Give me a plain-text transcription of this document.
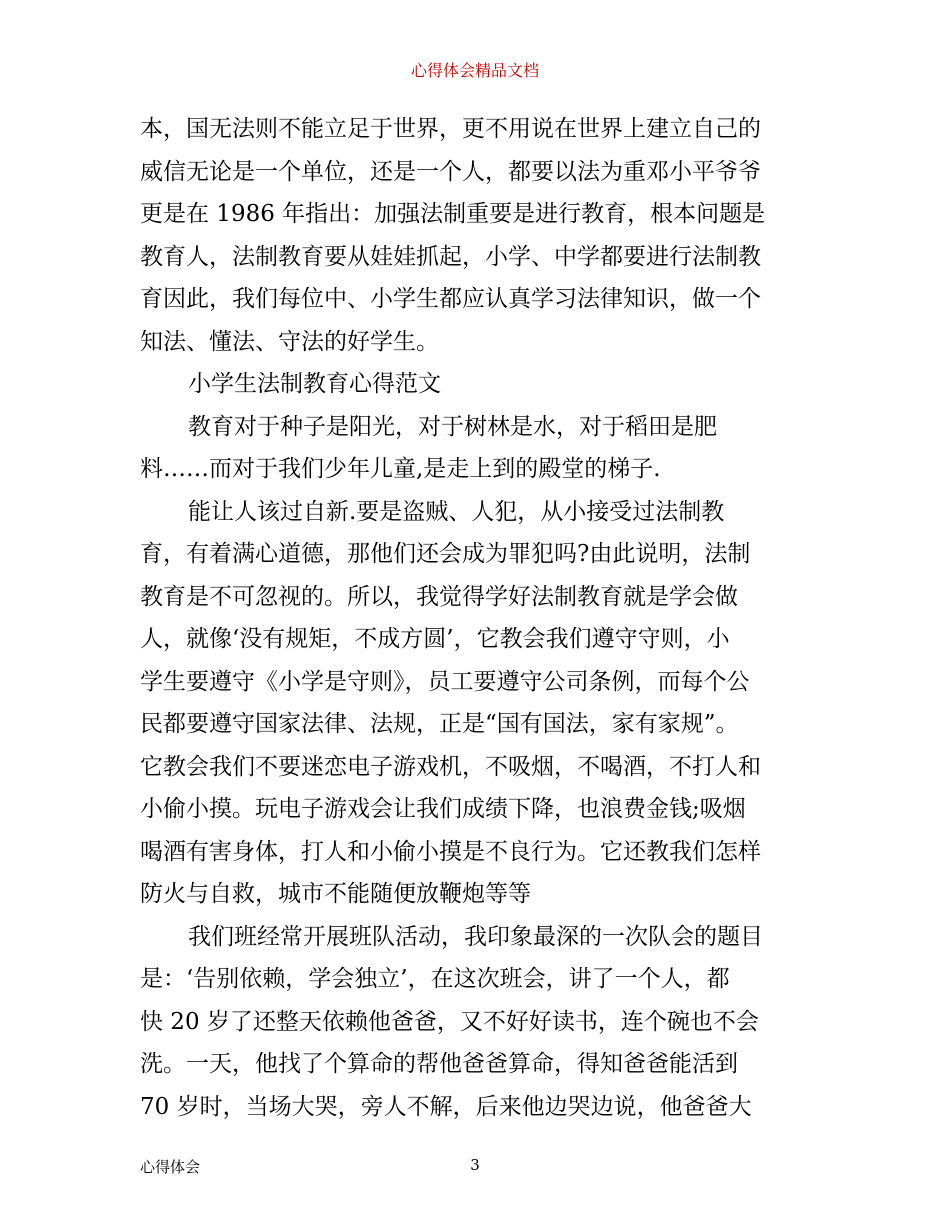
心得体会精品文档
本，国无法则不能立足于世界，更不用说在世界上建立自己的
威信无论是一个单位，还是一个人，都要以法为重邓小平爷爷
更是在 1986 年指出：加强法制重要是进行教育，根本问题是
教育人，法制教育要从娃娃抓起，小学、中学都要进行法制教
育因此，我们每位中、小学生都应认真学习法律知识，做一个
知法、懂法、守法的好学生。
小学生法制教育心得范文
教育对于种子是阳光，对于树林是水，对于稻田是肥
料……而对于我们少年儿童,是走上到的殿堂的梯子.
能让人该过自新.要是盗贼、人犯，从小接受过法制教
育，有着满心道德，那他们还会成为罪犯吗?由此说明，法制
教育是不可忽视的。所以，我觉得学好法制教育就是学会做
人，就像‘没有规矩，不成方圆’，它教会我们遵守守则，小
学生要遵守《小学是守则》，员工要遵守公司条例，而每个公
民都要遵守国家法律、法规，正是“国有国法，家有家规”。
它教会我们不要迷恋电子游戏机，不吸烟，不喝酒，不打人和
小偷小摸。玩电子游戏会让我们成绩下降，也浪费金钱;吸烟
喝酒有害身体，打人和小偷小摸是不良行为。它还教我们怎样
防火与自救，城市不能随便放鞭炮等等
我们班经常开展班队活动，我印象最深的一次队会的题目
是：‘告别依赖，学会独立’，在这次班会，讲了一个人，都
快 20 岁了还整天依赖他爸爸，又不好好读书，连个碗也不会
洗。一天，他找了个算命的帮他爸爸算命，得知爸爸能活到
70 岁时，当场大哭，旁人不解，后来他边哭边说，他爸爸大
心得体会	3
